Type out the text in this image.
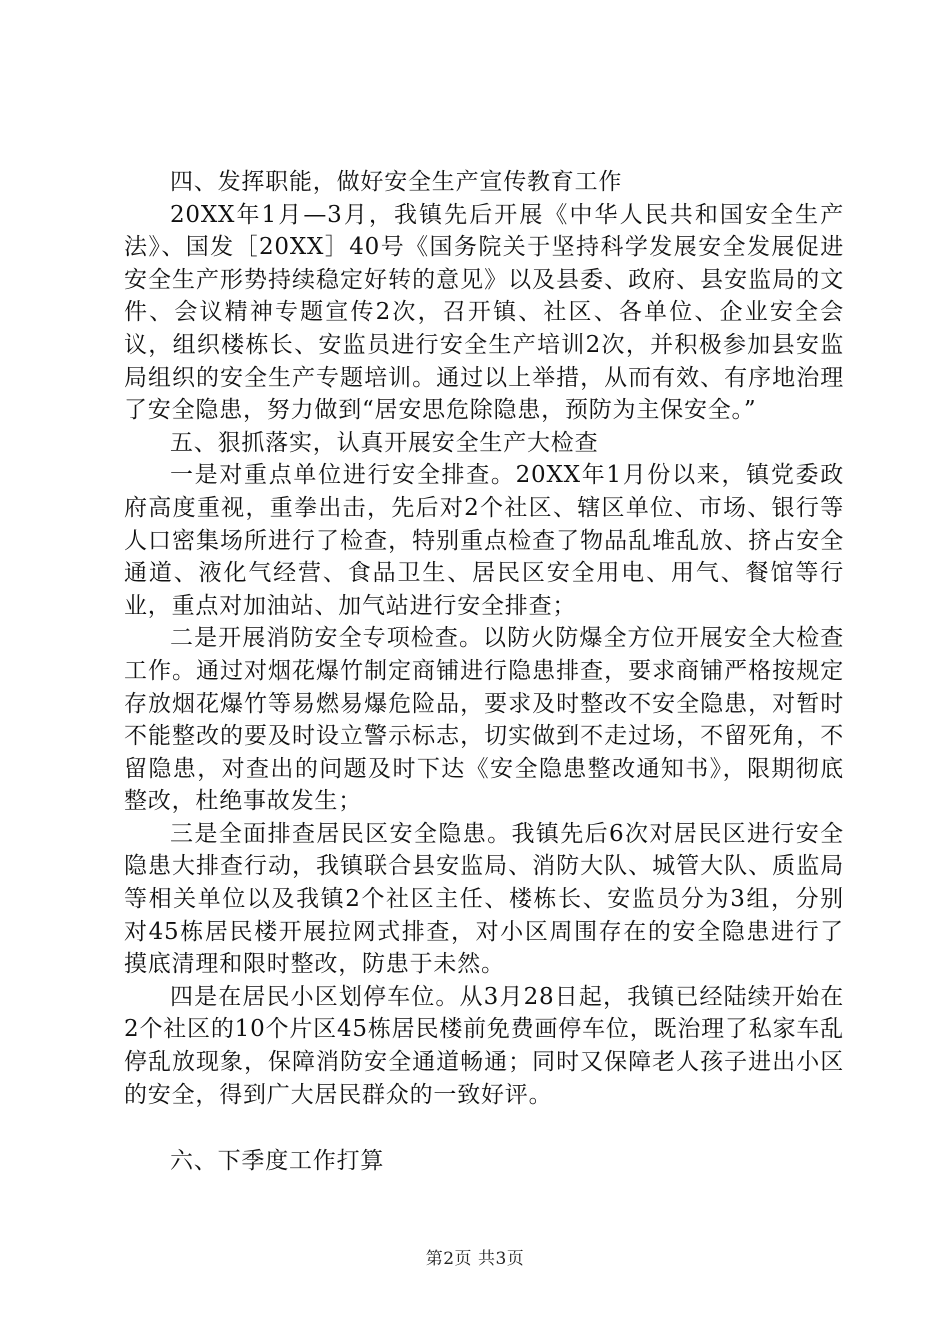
四、发挥职能，做好安全生产宣传教育工作

20XX年1月—3月，我镇先后开展《中华人民共和国安全生产法》、国发［20XX］40号《国务院关于坚持科学发展安全发展促进安全生产形势持续稳定好转的意见》以及县委、政府、县安监局的文件、会议精神专题宣传2次，召开镇、社区、各单位、企业安全会议，组织楼栋长、安监员进行安全生产培训2次，并积极参加县安监局组织的安全生产专题培训。通过以上举措，从而有效、有序地治理了安全隐患，努力做到“居安思危除隐患，预防为主保安全。”

五、狠抓落实，认真开展安全生产大检查

一是对重点单位进行安全排查。20XX年1月份以来，镇党委政府高度重视，重拳出击，先后对2个社区、辖区单位、市场、银行等人口密集场所进行了检查，特别重点检查了物品乱堆乱放、挤占安全通道、液化气经营、食品卫生、居民区安全用电、用气、餐馆等行业，重点对加油站、加气站进行安全排查；

二是开展消防安全专项检查。以防火防爆全方位开展安全大检查工作。通过对烟花爆竹制定商铺进行隐患排查，要求商铺严格按规定存放烟花爆竹等易燃易爆危险品，要求及时整改不安全隐患，对暂时不能整改的要及时设立警示标志，切实做到不走过场，不留死角，不留隐患，对查出的问题及时下达《安全隐患整改通知书》，限期彻底整改，杜绝事故发生；

三是全面排查居民区安全隐患。我镇先后6次对居民区进行安全隐患大排查行动，我镇联合县安监局、消防大队、城管大队、质监局等相关单位以及我镇2个社区主任、楼栋长、安监员分为3组，分别对45栋居民楼开展拉网式排查，对小区周围存在的安全隐患进行了摸底清理和限时整改，防患于未然。

四是在居民小区划停车位。从3月28日起，我镇已经陆续开始在2个社区的10个片区45栋居民楼前免费画停车位，既治理了私家车乱停乱放现象，保障消防安全通道畅通；同时又保障老人孩子进出小区的安全，得到广大居民群众的一致好评。

六、下季度工作打算

第2页 共3页
